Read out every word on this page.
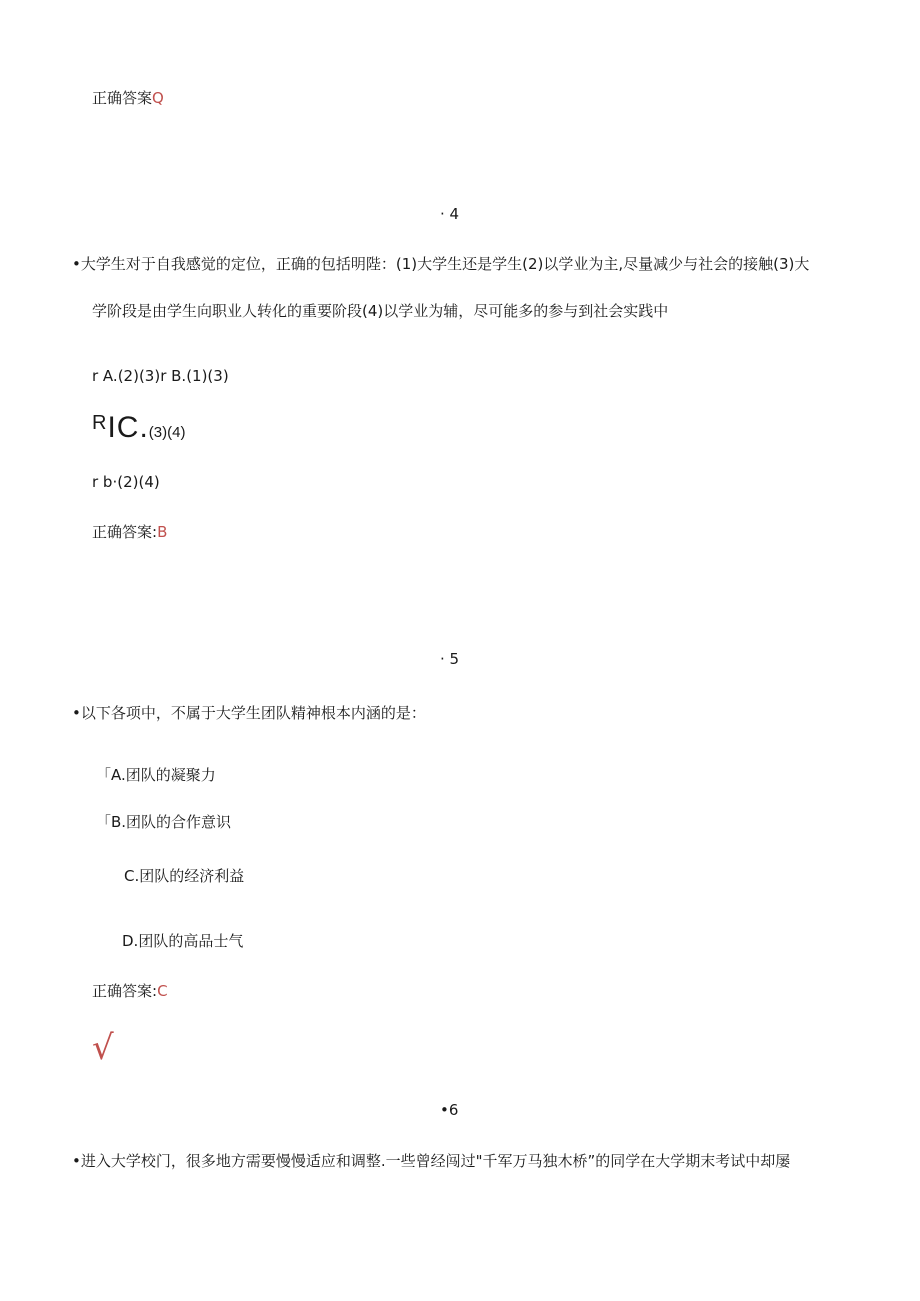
正确答案Q
· 4
•大学生对于自我感觉的定位，正确的包括明陛：(1)大学生还是学生(2)以学业为主,尽量减少与社会的接触(3)大
学阶段是由学生向职业人转化的重要阶段(4)以学业为辅，尽可能多的参与到社会实践中
r A.(2)(3)r B.(1)(3)
$^R$IC.(3)(4)
r b·(2)(4)
正确答案:B
· 5
•以下各项中，不属于大学生团队精神根本内涵的是：
「A.团队的凝聚力
「B.团队的合作意识
C.团队的经济利益
D.团队的高品士气
正确答案:C
√
•6
•进入大学校门，很多地方需要慢慢适应和调整.一些曾经闯过"千军万马独木桥”的同学在大学期末考试中却屡
